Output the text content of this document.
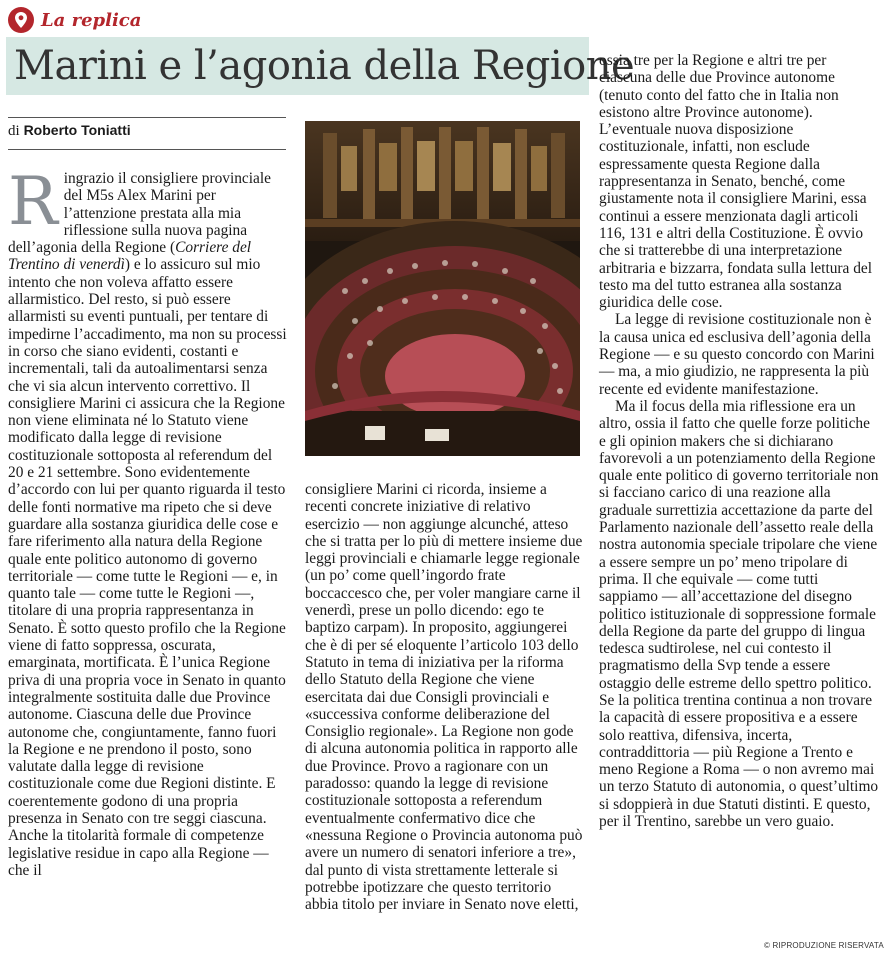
La replica
Marini e l’agonia della Regione
di Roberto Toniatti

Ringrazio il consigliere provinciale del M5s Alex Marini per l’attenzione prestata alla mia riflessione sulla nuova pagina dell’agonia della Regione (Corriere del Trentino di venerdì) e lo assicuro sul mio intento che non voleva affatto essere allarmistico. Del resto, si può essere allarmisti su eventi puntuali, per tentare di impedirne l’accadimento, ma non su processi in corso che siano evidenti, costanti e incrementali, tali da autoalimentarsi senza che vi sia alcun intervento correttivo. Il consigliere Marini ci assicura che la Regione non viene eliminata né lo Statuto viene modificato dalla legge di revisione costituzionale sottoposta al referendum del 20 e 21 settembre. Sono evidentemente d’accordo con lui per quanto riguarda il testo delle fonti normative ma ripeto che si deve guardare alla sostanza giuridica delle cose e fare riferimento alla natura della Regione quale ente politico autonomo di governo territoriale — come tutte le Regioni — e, in quanto tale — come tutte le Regioni —, titolare di una propria rappresentanza in Senato. È sotto questo profilo che la Regione viene di fatto soppressa, oscurata, emarginata, mortificata. È l’unica Regione priva di una propria voce in Senato in quanto integralmente sostituita dalle due Province autonome. Ciascuna delle due Province autonome che, congiuntamente, fanno fuori la Regione e ne prendono il posto, sono valutate dalla legge di revisione costituzionale come due Regioni distinte. E coerentemente godono di una propria presenza in Senato con tre seggi ciascuna. Anche la titolarità formale di competenze legislative residue in capo alla Regione — che il

consigliere Marini ci ricorda, insieme a recenti concrete iniziative di relativo esercizio — non aggiunge alcunché, atteso che si tratta per lo più di mettere insieme due leggi provinciali e chiamarle legge regionale (un po’ come quell’ingordo frate boccaccesco che, per voler mangiare carne il venerdì, prese un pollo dicendo: ego te baptizo carpam). In proposito, aggiungerei che è di per sé eloquente l’articolo 103 dello Statuto in tema di iniziativa per la riforma dello Statuto della Regione che viene esercitata dai due Consigli provinciali e «successiva conforme deliberazione del Consiglio regionale». La Regione non gode di alcuna autonomia politica in rapporto alle due Province. Provo a ragionare con un paradosso: quando la legge di revisione costituzionale sottoposta a referendum eventualmente confermativo dice che «nessuna Regione o Provincia autonoma può avere un numero di senatori inferiore a tre», dal punto di vista strettamente letterale si potrebbe ipotizzare che questo territorio abbia titolo per inviare in Senato nove eletti,

ossia tre per la Regione e altri tre per ciascuna delle due Province autonome (tenuto conto del fatto che in Italia non esistono altre Province autonome). L’eventuale nuova disposizione costituzionale, infatti, non esclude espressamente questa Regione dalla rappresentanza in Senato, benché, come giustamente nota il consigliere Marini, essa continui a essere menzionata dagli articoli 116, 131 e altri della Costituzione. È ovvio che si tratterebbe di una interpretazione arbitraria e bizzarra, fondata sulla lettura del testo ma del tutto estranea alla sostanza giuridica delle cose.

La legge di revisione costituzionale non è la causa unica ed esclusiva dell’agonia della Regione — e su questo concordo con Marini — ma, a mio giudizio, ne rappresenta la più recente ed evidente manifestazione.

Ma il focus della mia riflessione era un altro, ossia il fatto che quelle forze politiche e gli opinion makers che si dichiarano favorevoli a un potenziamento della Regione quale ente politico di governo territoriale non si facciano carico di una reazione alla graduale surrettizia accettazione da parte del Parlamento nazionale dell’assetto reale della nostra autonomia speciale tripolare che viene a essere sempre un po’ meno tripolare di prima. Il che equivale — come tutti sappiamo — all’accettazione del disegno politico istituzionale di soppressione formale della Regione da parte del gruppo di lingua tedesca sudtirolese, nel cui contesto il pragmatismo della Svp tende a essere ostaggio delle estreme dello spettro politico. Se la politica trentina continua a non trovare la capacità di essere propositiva e a essere solo reattiva, difensiva, incerta, contraddittoria — più Regione a Trento e meno Regione a Roma — o non avremo mai un terzo Statuto di autonomia, o quest’ultimo si sdoppierà in due Statuti distinti. E questo, per il Trentino, sarebbe un vero guaio.

© RIPRODUZIONE RISERVATA
